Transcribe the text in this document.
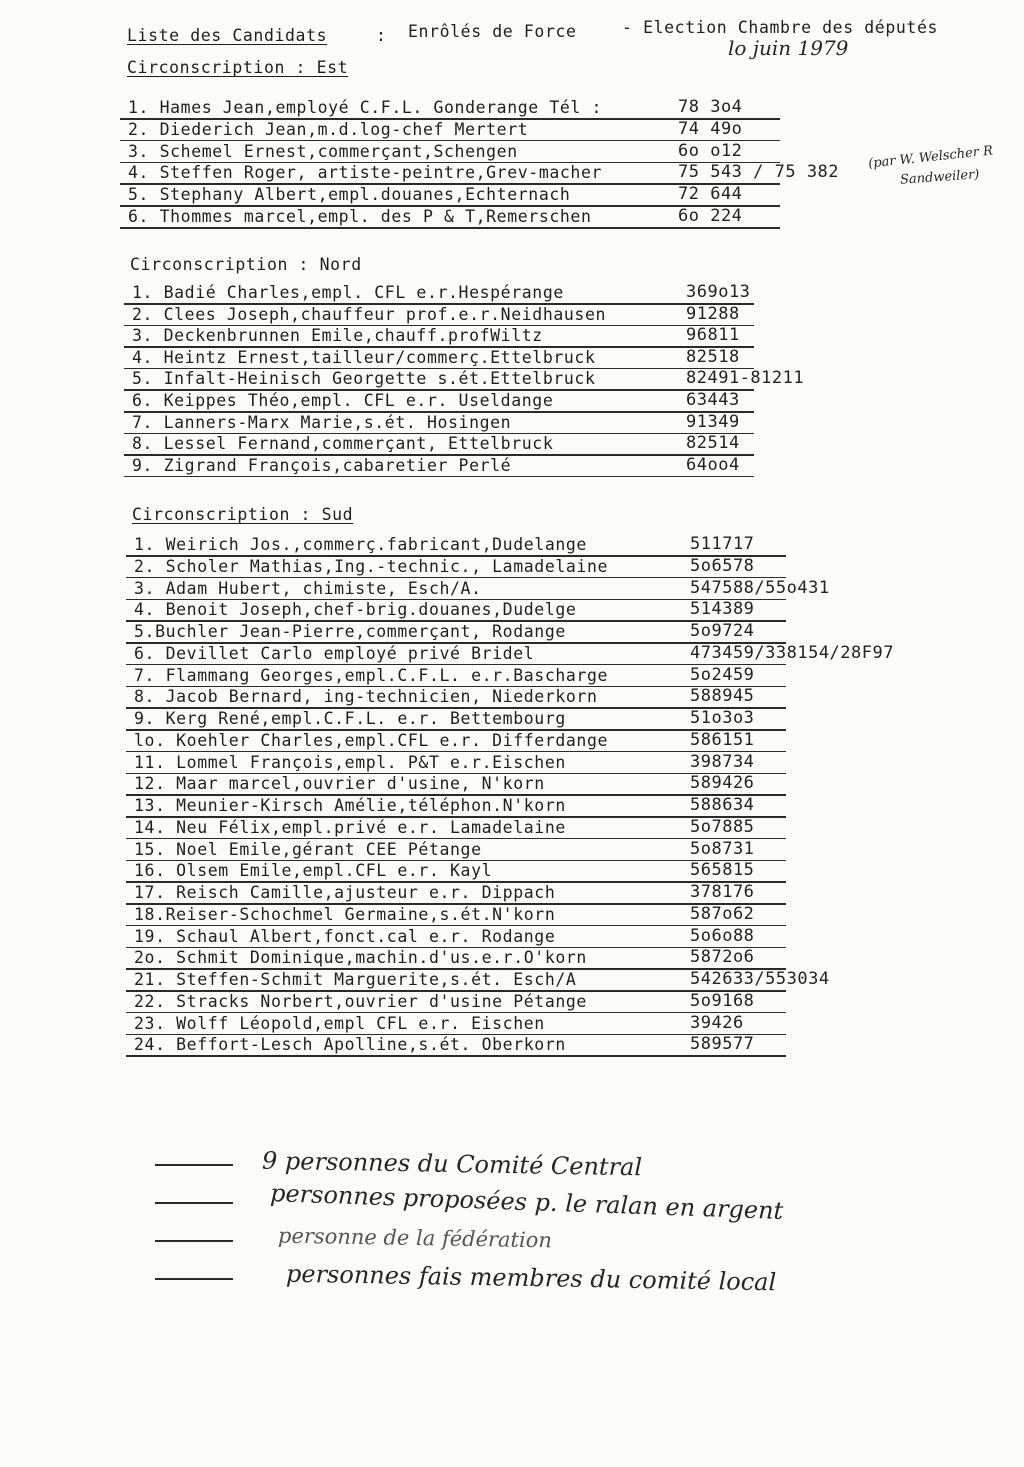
Liste des Candidats	: Enrôlés de Force	- Election Chambre des députés
lo juin 1979
Circonscription : Est
1. Hames Jean,employé C.F.L. Gonderange Tél :	78 3o4
2. Diederich Jean,m.d.log-chef Mertert	74 49o
3. Schemel Ernest,commerçant,Schengen	6o o12
4. Steffen Roger, artiste-peintre,Grev-macher	75 543 / 75 382
5. Stephany Albert,empl.douanes,Echternach	72 644
6. Thommes marcel,empl. des P & T,Remerschen	6o 224
(par W. Welscher R
Sandweiler)
Circonscription : Nord
1. Badié Charles,empl. CFL e.r.Hespérange	369o13
2. Clees Joseph,chauffeur prof.e.r.Neidhausen	91288
3. Deckenbrunnen Emile,chauff.profWiltz	96811
4. Heintz Ernest,tailleur/commerç.Ettelbruck	82518
5. Infalt-Heinisch Georgette s.ét.Ettelbruck	82491-81211
6. Keippes Théo,empl. CFL e.r. Useldange	63443
7. Lanners-Marx Marie,s.ét. Hosingen	91349
8. Lessel Fernand,commerçant, Ettelbruck	82514
9. Zigrand François,cabaretier Perlé	64oo4
Circonscription : Sud
1. Weirich Jos.,commerç.fabricant,Dudelange	511717
2. Scholer Mathias,Ing.-technic., Lamadelaine	5o6578
3. Adam Hubert, chimiste, Esch/A.	547588/55o431
4. Benoit Joseph,chef-brig.douanes,Dudelge	514389
5.Buchler Jean-Pierre,commerçant, Rodange	5o9724
6. Devillet Carlo employé privé Bridel	473459/338154/28F97
7. Flammang Georges,empl.C.F.L. e.r.Bascharge	5o2459
8. Jacob Bernard, ing-technicien, Niederkorn	588945
9. Kerg René,empl.C.F.L. e.r. Bettembourg	51o3o3
lo. Koehler Charles,empl.CFL e.r. Differdange	586151
11. Lommel François,empl. P&T e.r.Eischen	398734
12. Maar marcel,ouvrier d'usine, N'korn	589426
13. Meunier-Kirsch Amélie,téléphon.N'korn	588634
14. Neu Félix,empl.privé e.r. Lamadelaine	5o7885
15. Noel Emile,gérant CEE Pétange	5o8731
16. Olsem Emile,empl.CFL e.r. Kayl	565815
17. Reisch Camille,ajusteur e.r. Dippach	378176
18.Reiser-Schochmel Germaine,s.ét.N'korn	587o62
19. Schaul Albert,fonct.cal e.r. Rodange	5o6o88
2o. Schmit Dominique,machin.d'us.e.r.O'korn	5872o6
21. Steffen-Schmit Marguerite,s.ét. Esch/A	542633/553034
22. Stracks Norbert,ouvrier d'usine Pétange	5o9168
23. Wolff Léopold,empl CFL e.r. Eischen	39426
24. Beffort-Lesch Apolline,s.ét. Oberkorn	589577
9 personnes du Comité Central
personnes proposées p. le ralan en argent
personne de la fédération
personnes fais membres du comité local
